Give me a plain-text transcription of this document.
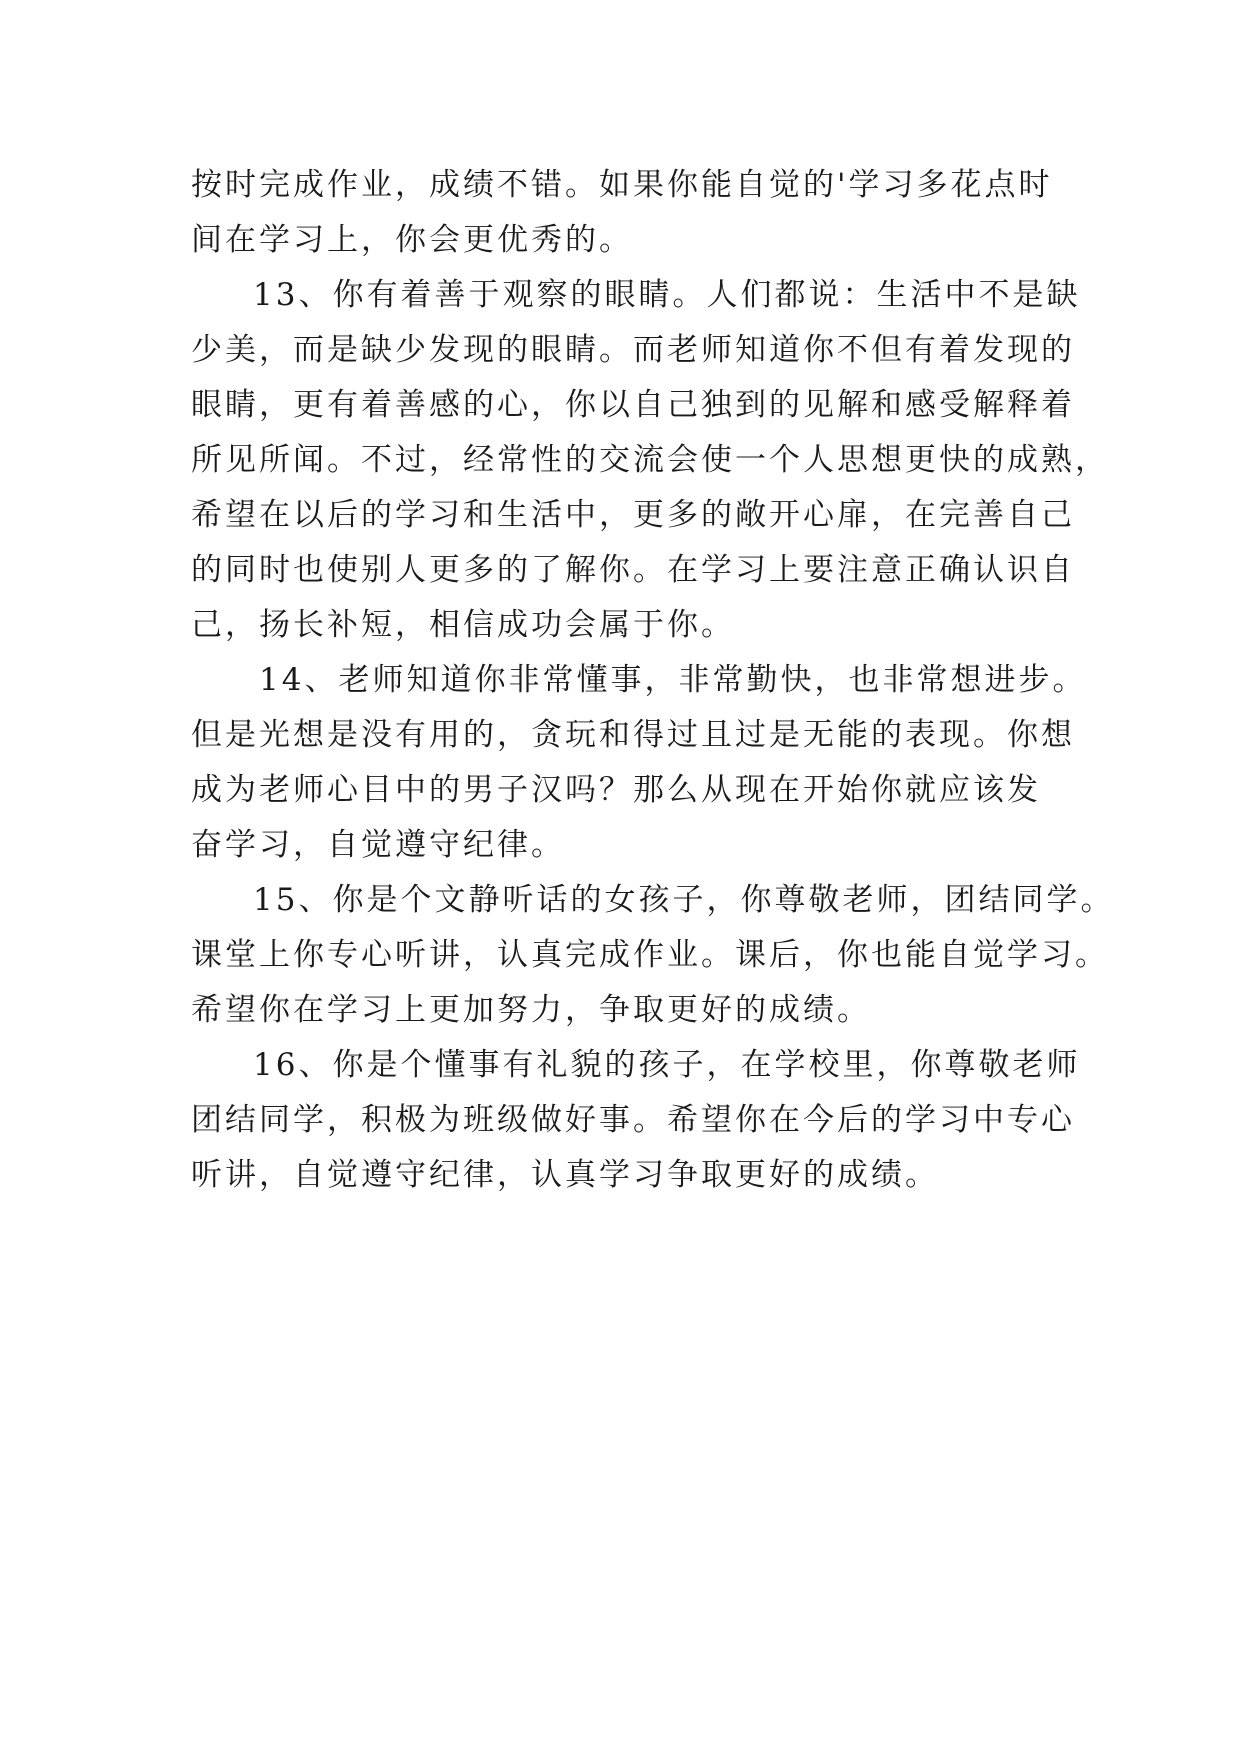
按时完成作业，成绩不错。如果你能自觉的'学习多花点时
间在学习上，你会更优秀的。
13、你有着善于观察的眼睛。人们都说：生活中不是缺
少美，而是缺少发现的眼睛。而老师知道你不但有着发现的
眼睛，更有着善感的心，你以自己独到的见解和感受解释着
所见所闻。不过，经常性的交流会使一个人思想更快的成熟，
希望在以后的学习和生活中，更多的敞开心扉，在完善自己
的同时也使别人更多的了解你。在学习上要注意正确认识自
己，扬长补短，相信成功会属于你。
14、老师知道你非常懂事，非常勤快，也非常想进步。
但是光想是没有用的，贪玩和得过且过是无能的表现。你想
成为老师心目中的男子汉吗？那么从现在开始你就应该发
奋学习，自觉遵守纪律。
15、你是个文静听话的女孩子，你尊敬老师，团结同学。
课堂上你专心听讲，认真完成作业。课后，你也能自觉学习。
希望你在学习上更加努力，争取更好的成绩。
16、你是个懂事有礼貌的孩子，在学校里，你尊敬老师
团结同学，积极为班级做好事。希望你在今后的学习中专心
听讲，自觉遵守纪律，认真学习争取更好的成绩。
